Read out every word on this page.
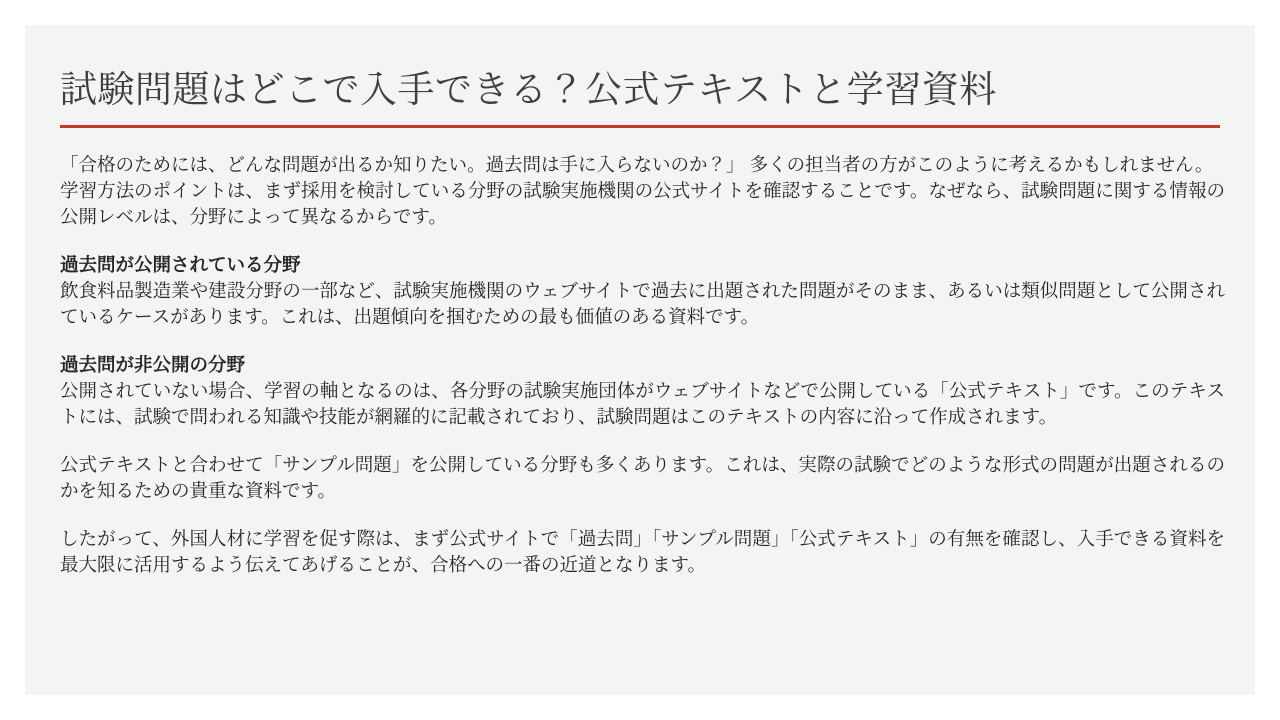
試験問題はどこで入手できる？公式テキストと学習資料

「合格のためには、どんな問題が出るか知りたい。過去問は手に入らないのか？」 多くの担当者の方がこのように考えるかもしれません。

学習方法のポイントは、まず採用を検討している分野の試験実施機関の公式サイトを確認することです。なぜなら、試験問題に関する情報の公開レベルは、分野によって異なるからです。

過去問が公開されている分野

飲食料品製造業や建設分野の一部など、試験実施機関のウェブサイトで過去に出題された問題がそのまま、あるいは類似問題として公開されているケースがあります。これは、出題傾向を掴むための最も価値のある資料です。

過去問が非公開の分野

公開されていない場合、学習の軸となるのは、各分野の試験実施団体がウェブサイトなどで公開している「公式テキスト」です。このテキストには、試験で問われる知識や技能が網羅的に記載されており、試験問題はこのテキストの内容に沿って作成されます。

公式テキストと合わせて「サンプル問題」を公開している分野も多くあります。これは、実際の試験でどのような形式の問題が出題されるのかを知るための貴重な資料です。

したがって、外国人材に学習を促す際は、まず公式サイトで「過去問」「サンプル問題」「公式テキスト」の有無を確認し、入手できる資料を最大限に活用するよう伝えてあげることが、合格への一番の近道となります。
